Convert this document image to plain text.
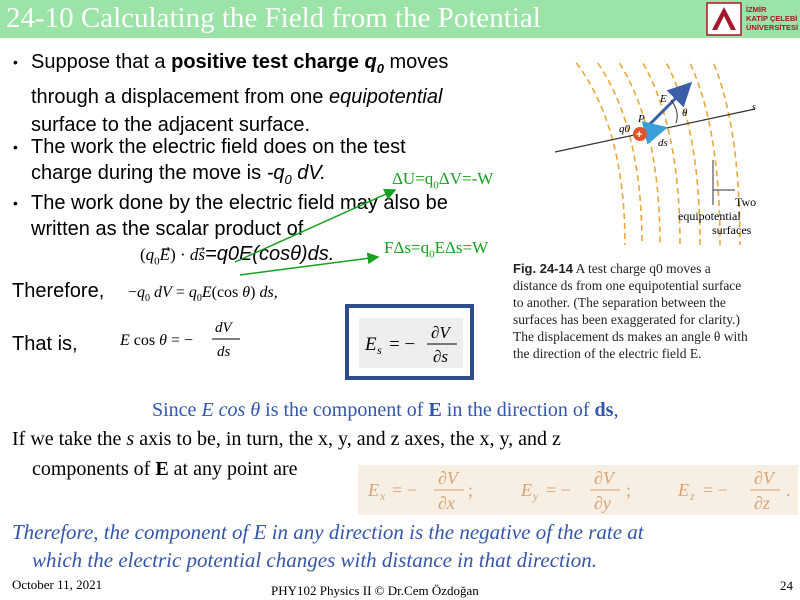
24-10 Calculating the Field from the Potential	İZMİR
KATİP ÇELEBİ
ÜNİVERSİTESİ
• Suppose that a positive test charge $q_0$ moves
through a displacement from one equipotential
surface to the adjacent surface.
• The work the electric field does on the test
charge during the move is $-q_0$ dV.
• The work done by the electric field may also be
written as the scalar product of
$\Delta U=q_0\Delta V=-W$
$F\Delta s=q_0E\Delta s=W$
$(q_0E⃗) \cdot ds=q0E(\cos\theta)ds$.
Therefore, $-q_0$ dV = $q_0E(\cos$ θ) ds,
That is,	E cos θ = −
dV
ds	E s = −
∂V
∂s
s
E
ds
θ
+
P
q0
Two
equipotential
surfaces
Fig. 24-14 A test charge q0 moves a
distance ds from one equipotential surface
to another. (The separation between the
surfaces has been exaggerated for clarity.)
The displacement ds makes an angle θ with
the direction of the electric field E.
Since E cos θ is the component of E in the direction of ds,
If we take the s axis to be, in turn, the x, y, and z axes, the x, y, and z
components of E at any point are
E x = −
∂V
∂x
;	E y = −
∂V
∂y
;	E z = −
∂V
∂z
.
Therefore, the component of E in any direction is the negative of the rate at
which the electric potential changes with distance in that direction.
October 11, 2021	PHY102 Physics II © Dr.Cem Özdoğan	24
